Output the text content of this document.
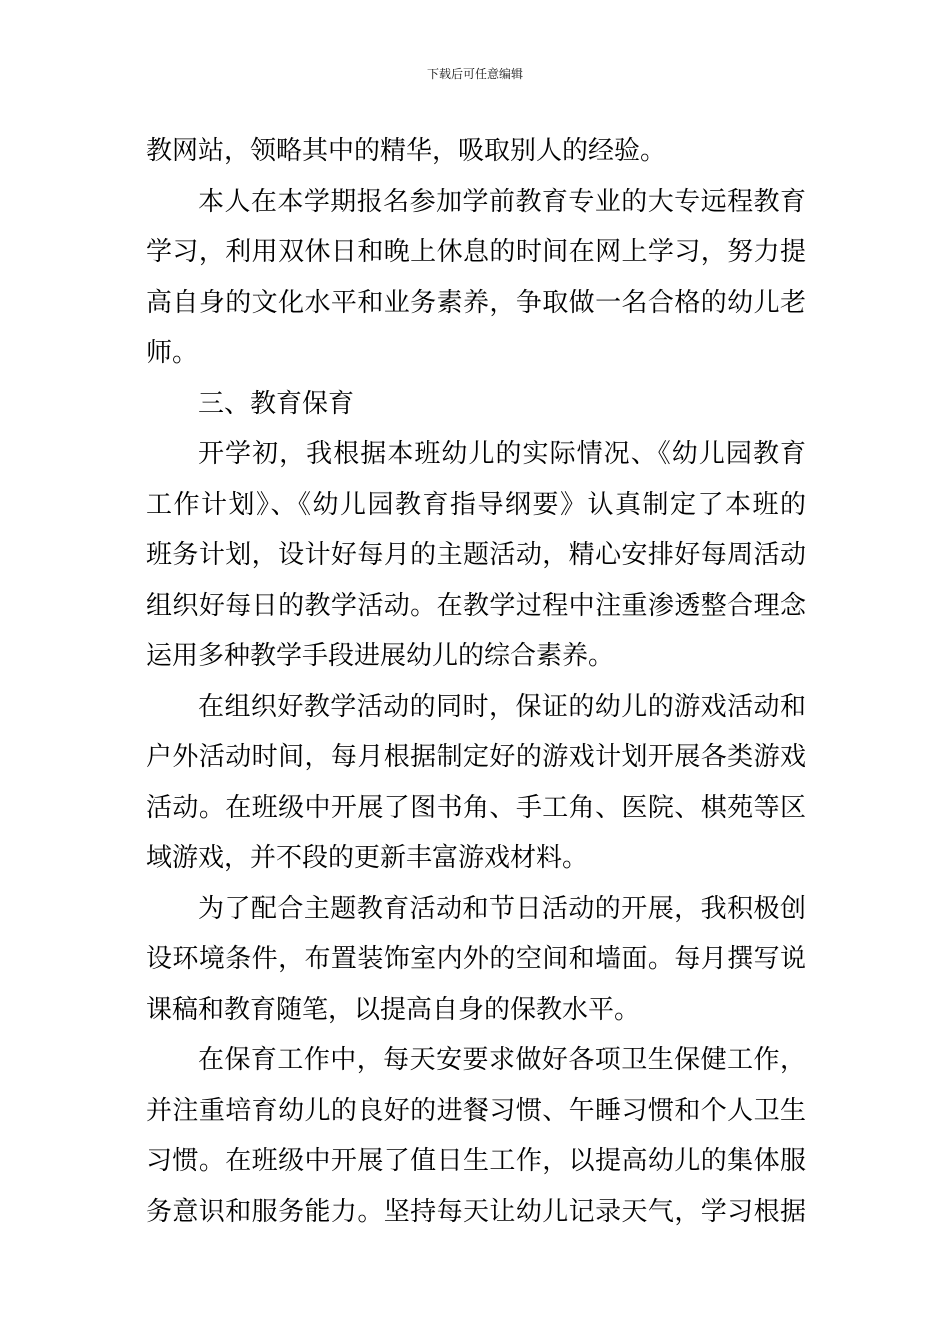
下载后可任意编辑
教网站，领略其中的精华，吸取别人的经验。
本人在本学期报名参加学前教育专业的大专远程教育
学习，利用双休日和晚上休息的时间在网上学习，努力提
高自身的文化水平和业务素养，争取做一名合格的幼儿老
师。
三、教育保育
开学初，我根据本班幼儿的实际情况、《幼儿园教育
工作计划》、《幼儿园教育指导纲要》认真制定了本班的
班务计划，设计好每月的主题活动，精心安排好每周活动
组织好每日的教学活动。在教学过程中注重渗透整合理念
运用多种教学手段进展幼儿的综合素养。
在组织好教学活动的同时，保证的幼儿的游戏活动和
户外活动时间，每月根据制定好的游戏计划开展各类游戏
活动。在班级中开展了图书角、手工角、医院、棋苑等区
域游戏，并不段的更新丰富游戏材料。
为了配合主题教育活动和节日活动的开展，我积极创
设环境条件，布置装饰室内外的空间和墙面。每月撰写说
课稿和教育随笔，以提高自身的保教水平。
在保育工作中，每天安要求做好各项卫生保健工作，
并注重培育幼儿的良好的进餐习惯、午睡习惯和个人卫生
习惯。在班级中开展了值日生工作，以提高幼儿的集体服
务意识和服务能力。坚持每天让幼儿记录天气，学习根据
